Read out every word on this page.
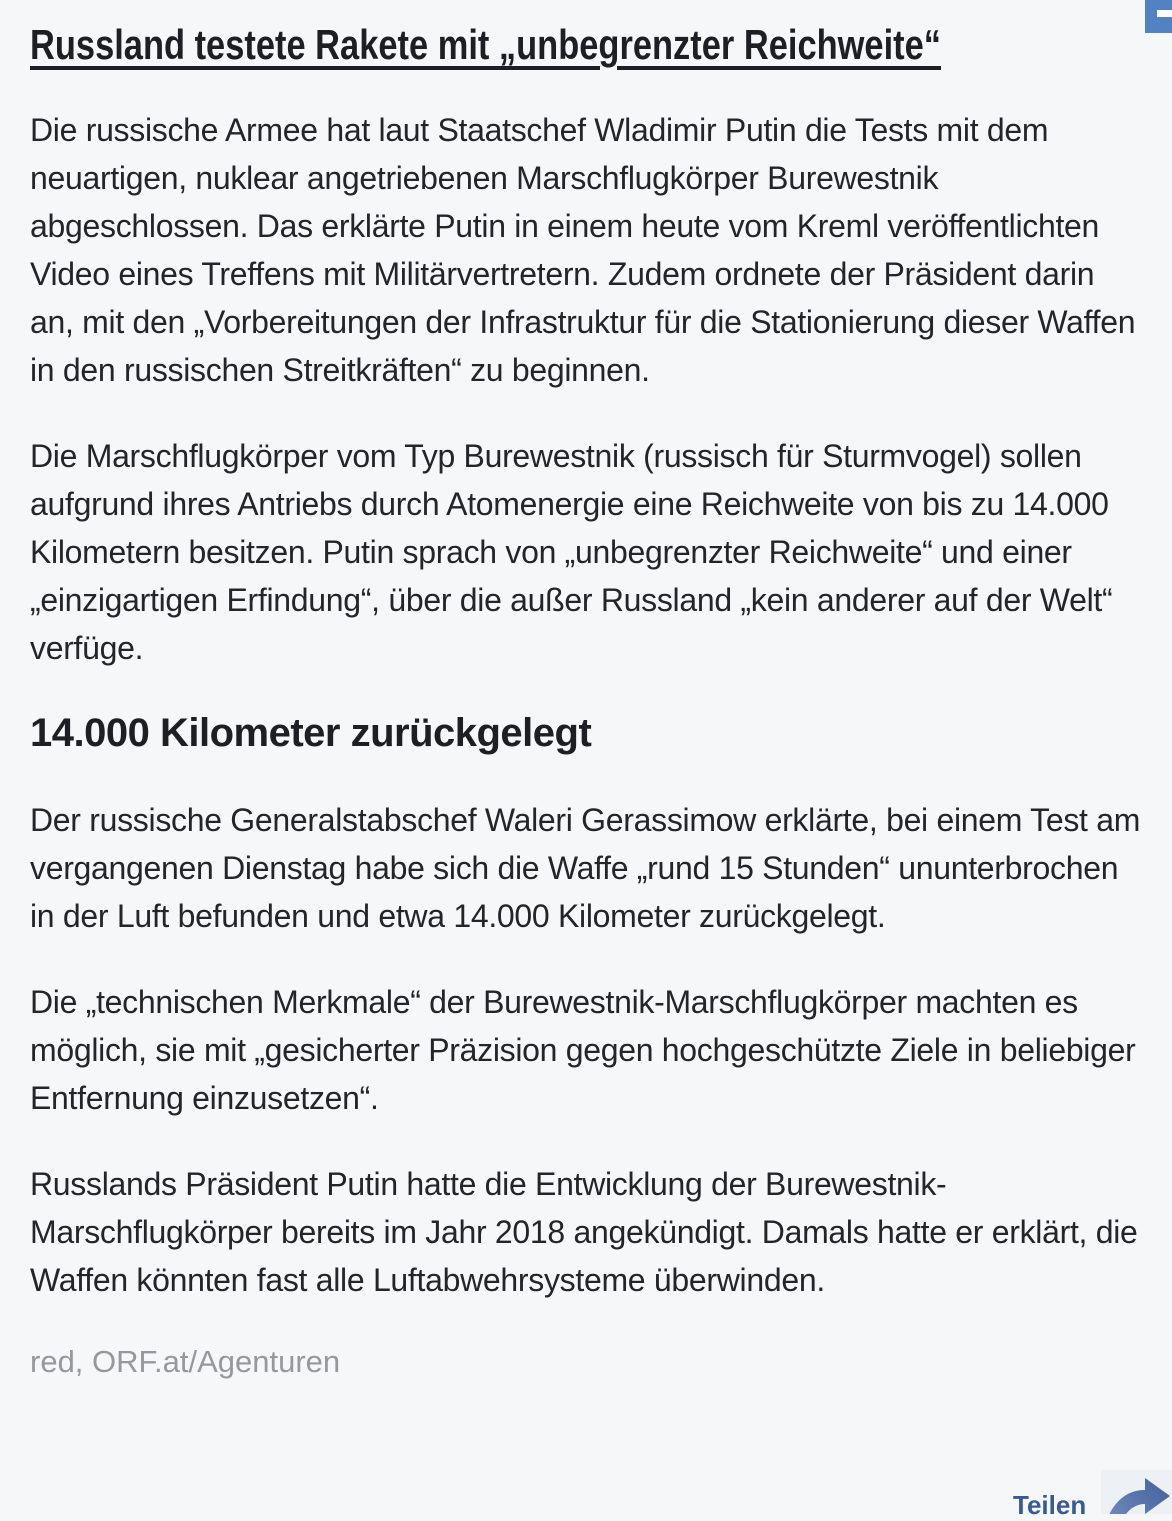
Russland testete Rakete mit „unbegrenzter Reichweite“

Die russische Armee hat laut Staatschef Wladimir Putin die Tests mit dem neuartigen, nuklear angetriebenen Marschflugkörper Burewestnik abgeschlossen. Das erklärte Putin in einem heute vom Kreml veröffentlichten Video eines Treffens mit Militärvertretern. Zudem ordnete der Präsident darin an, mit den „Vorbereitungen der Infrastruktur für die Stationierung dieser Waffen in den russischen Streitkräften“ zu beginnen.

Die Marschflugkörper vom Typ Burewestnik (russisch für Sturmvogel) sollen aufgrund ihres Antriebs durch Atomenergie eine Reichweite von bis zu 14.000 Kilometern besitzen. Putin sprach von „unbegrenzter Reichweite“ und einer „einzigartigen Erfindung“, über die außer Russland „kein anderer auf der Welt“ verfüge.

14.000 Kilometer zurückgelegt

Der russische Generalstabschef Waleri Gerassimow erklärte, bei einem Test am vergangenen Dienstag habe sich die Waffe „rund 15 Stunden“ ununterbrochen in der Luft befunden und etwa 14.000 Kilometer zurückgelegt.

Die „technischen Merkmale“ der Burewestnik-Marschflugkörper machten es möglich, sie mit „gesicherter Präzision gegen hochgeschützte Ziele in beliebiger Entfernung einzusetzen“.

Russlands Präsident Putin hatte die Entwicklung der Burewestnik-Marschflugkörper bereits im Jahr 2018 angekündigt. Damals hatte er erklärt, die Waffen könnten fast alle Luftabwehrsysteme überwinden.

red, ORF.at/Agenturen
Teilen
